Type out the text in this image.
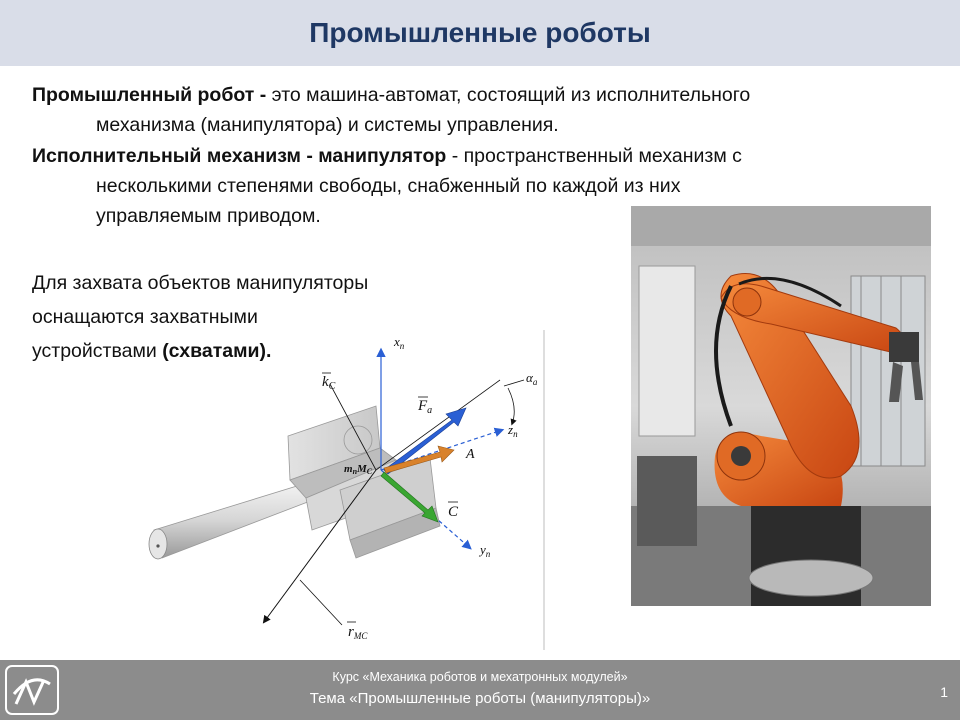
Промышленные роботы
Промышленный робот - это машина-автомат, состоящий из исполнительного
механизма (манипулятора) и системы управления.
Исполнительный механизм - манипулятор - пространственный механизм с
несколькими степенями свободы, снабженный по каждой из них
управляемым приводом.
Для захвата объектов манипуляторы
оснащаются захватными
устройствами (схватами).	$x_п$
$y_п$
$z_п$
$k_С$
$F_а$
$\alpha_а$
A
C
mпMС
$r_{МС}$
Курс «Механика роботов и мехатронных модулей»
Тема «Промышленные роботы (манипуляторы)»	1
